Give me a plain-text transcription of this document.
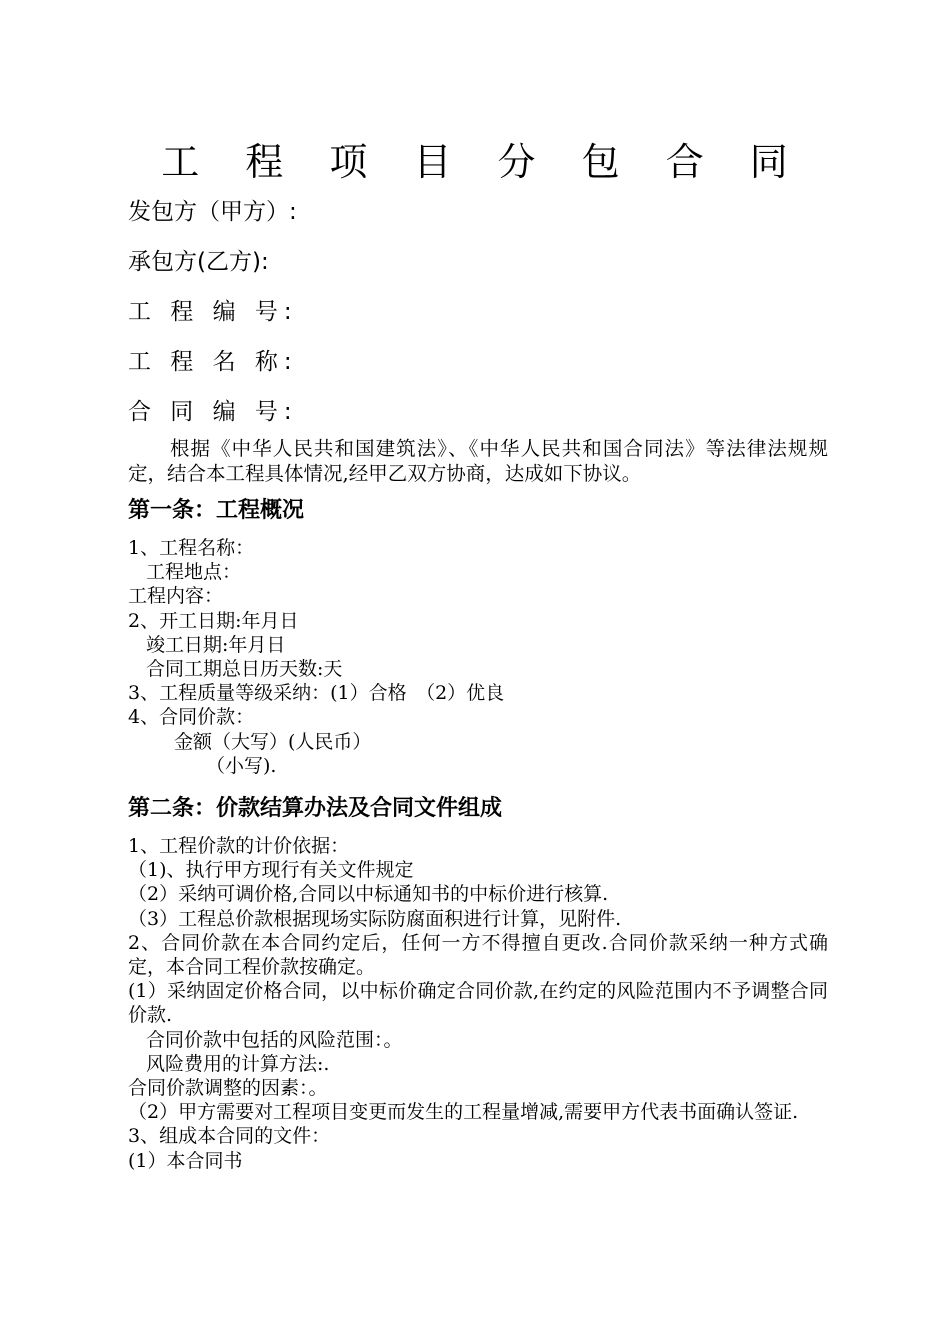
工 程 项 目 分 包 合 同
发包方（甲方）:
承包方(乙方):
工 程 编 号:
工 程 名 称:
合 同 编 号:
根据《中华人民共和国建筑法》、《中华人民共和国合同法》等法律法规规定，结合本工程具体情况,经甲乙双方协商，达成如下协议。
第一条：工程概况
1、工程名称：
工程地点：
工程内容：
2、开工日期:年月日
竣工日期:年月日
合同工期总日历天数:天
3、工程质量等级采纳：(1）合格　（2）优良
4、合同价款：
金额（大写）(人民币）
（小写).
第二条：价款结算办法及合同文件组成
1、工程价款的计价依据：
（1)、执行甲方现行有关文件规定
（2）采纳可调价格,合同以中标通知书的中标价进行核算.
（3）工程总价款根据现场实际防腐面积进行计算，见附件.
2、合同价款在本合同约定后，任何一方不得擅自更改.合同价款采纳一种方式确定，本合同工程价款按确定。
(1）采纳固定价格合同，以中标价确定合同价款,在约定的风险范围内不予调整合同价款.
合同价款中包括的风险范围：。
风险费用的计算方法:.
合同价款调整的因素：。
（2）甲方需要对工程项目变更而发生的工程量增减,需要甲方代表书面确认签证.
3、组成本合同的文件：
(1）本合同书
